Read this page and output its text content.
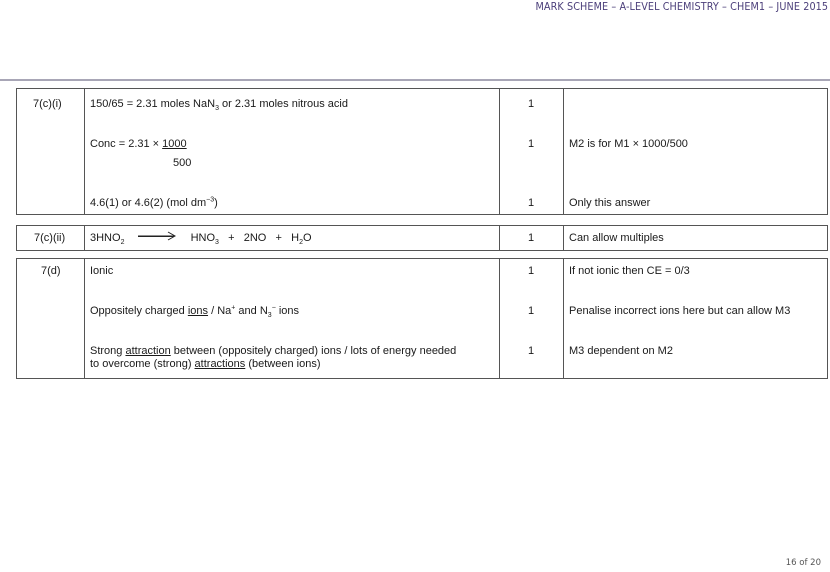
MARK SCHEME – A-LEVEL CHEMISTRY – CHEM1 – JUNE 2015
7(c)(i)	150/65 = 2.31 moles NaN$_3$ or 2.31 moles nitrous acid	1
Conc = 2.31 × 1000
500
1	M2 is for M1 × 1000/500
4.6(1) or 4.6(2) (mol $dm^{-3}$)	1	Only this answer
7(c)(ii) $3HNO_2$	$HNO_3 + 2NO + H_2O$	1	Can allow multiples
7(d)	Ionic	1	If not ionic then CE = 0/3
Oppositely charged ions / Na+ and $N_3^-$ ions	1	Penalise incorrect ions here but can allow M3
Strong attraction between (oppositely charged) ions / lots of energy needed
to overcome (strong) attractions (between ions)
1	M3 dependent on M2
16 of 20
